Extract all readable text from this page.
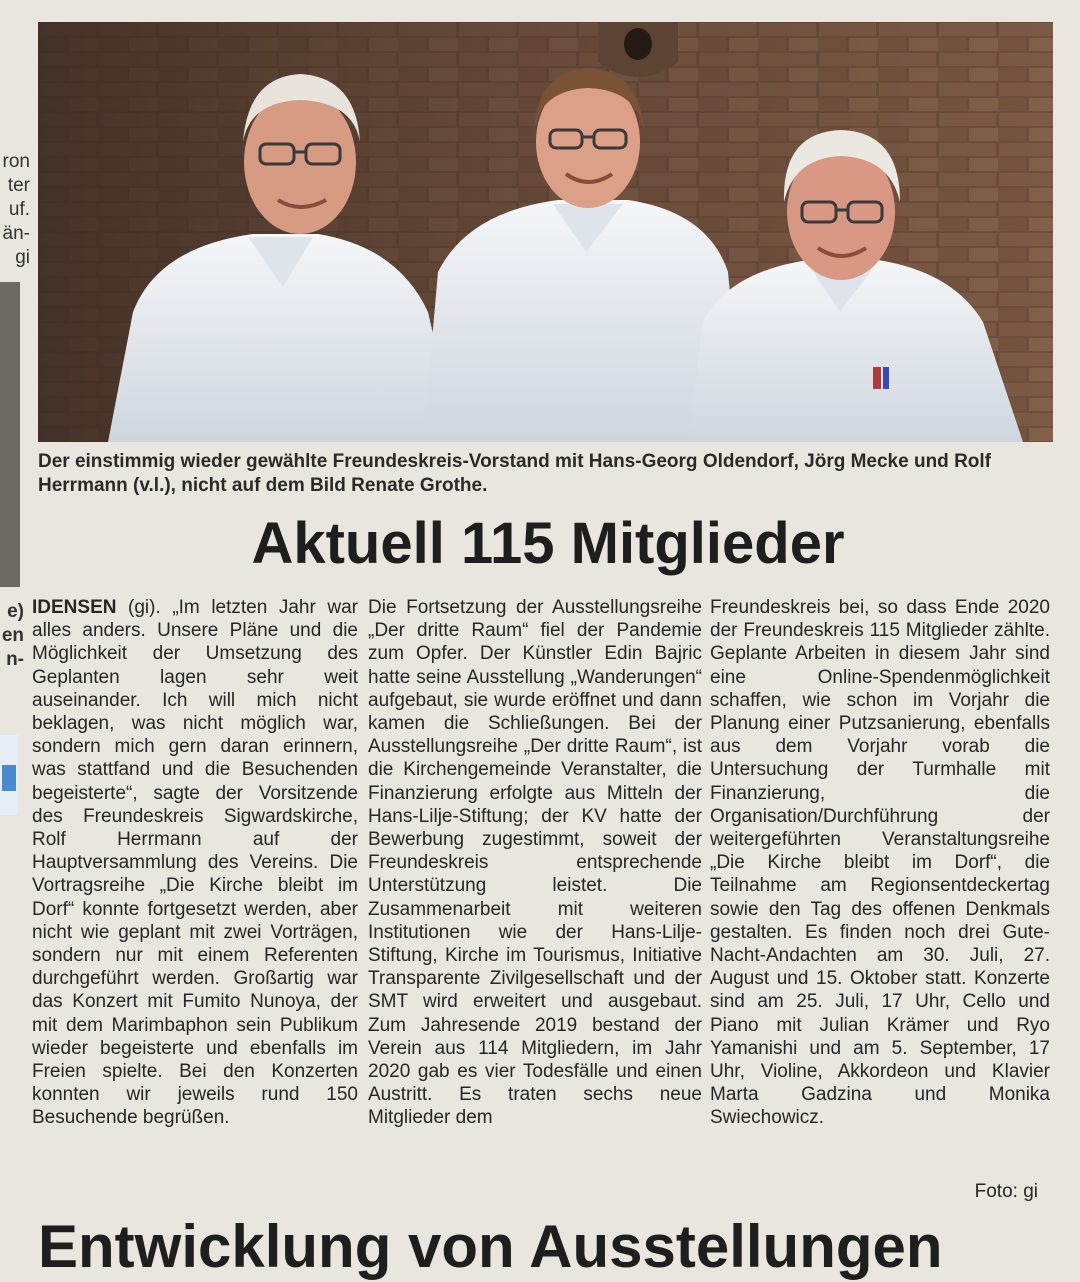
ron
ter
uf.
än-
gi
e)
en
n-

Der einstimmig wieder gewählte Freundeskreis-Vorstand mit Hans-Georg Oldendorf, Jörg Mecke und Rolf Herrmann (v.l.), nicht auf dem Bild Renate Grothe.

Aktuell 115 Mitglieder

IDENSEN (gi). „Im letzten Jahr war alles anders. Unsere Pläne und die Möglichkeit der Umsetzung des Geplanten lagen sehr weit auseinander. Ich will mich nicht beklagen, was nicht möglich war, sondern mich gern daran erinnern, was stattfand und die Besuchenden begeisterte“, sagte der Vorsitzende des Freundeskreis Sigwardskirche, Rolf Herrmann auf der Hauptversammlung des Vereins. Die Vortragsreihe „Die Kirche bleibt im Dorf“ konnte fortgesetzt werden, aber nicht wie geplant mit zwei Vorträgen, sondern nur mit einem Referenten durchgeführt werden. Großartig war das Konzert mit Fumito Nunoya, der mit dem Marimbaphon sein Publikum wieder begeisterte und ebenfalls im Freien spielte. Bei den Konzerten konnten wir jeweils rund 150 Besuchende begrüßen.

Die Fortsetzung der Ausstellungsreihe „Der dritte Raum“ fiel der Pandemie zum Opfer. Der Künstler Edin Bajric hatte seine Ausstellung „Wanderungen“ aufgebaut, sie wurde eröffnet und dann kamen die Schließungen. Bei der Ausstellungsreihe „Der dritte Raum“, ist die Kirchengemeinde Veranstalter, die Finanzierung erfolgte aus Mitteln der Hans-Lilje-Stiftung; der KV hatte der Bewerbung zugestimmt, soweit der Freundeskreis entsprechende Unterstützung leistet. Die Zusammenarbeit mit weiteren Institutionen wie der Hans-Lilje-Stiftung, Kirche im Tourismus, Initiative Transparente Zivilgesellschaft und der SMT wird erweitert und ausgebaut. Zum Jahresende 2019 bestand der Verein aus 114 Mitgliedern, im Jahr 2020 gab es vier Todesfälle und einen Austritt. Es traten sechs neue Mitglieder dem

Freundeskreis bei, so dass Ende 2020 der Freundeskreis 115 Mitglieder zählte. Geplante Arbeiten in diesem Jahr sind eine Online-Spendenmöglichkeit schaffen, wie schon im Vorjahr die Planung einer Putzsanierung, ebenfalls aus dem Vorjahr vorab die Untersuchung der Turmhalle mit Finanzierung, die Organisation/Durchführung der weitergeführten Veranstaltungsreihe „Die Kirche bleibt im Dorf“, die Teilnahme am Regionsentdeckertag sowie den Tag des offenen Denkmals gestalten. Es finden noch drei Gute-Nacht-Andachten am 30. Juli, 27. August und 15. Oktober statt. Konzerte sind am 25. Juli, 17 Uhr, Cello und Piano mit Julian Krämer und Ryo Yamanishi und am 5. September, 17 Uhr, Violine, Akkordeon und Klavier Marta Gadzina und Monika Swiechowicz.

Foto: gi
Entwicklung von Ausstellungen
